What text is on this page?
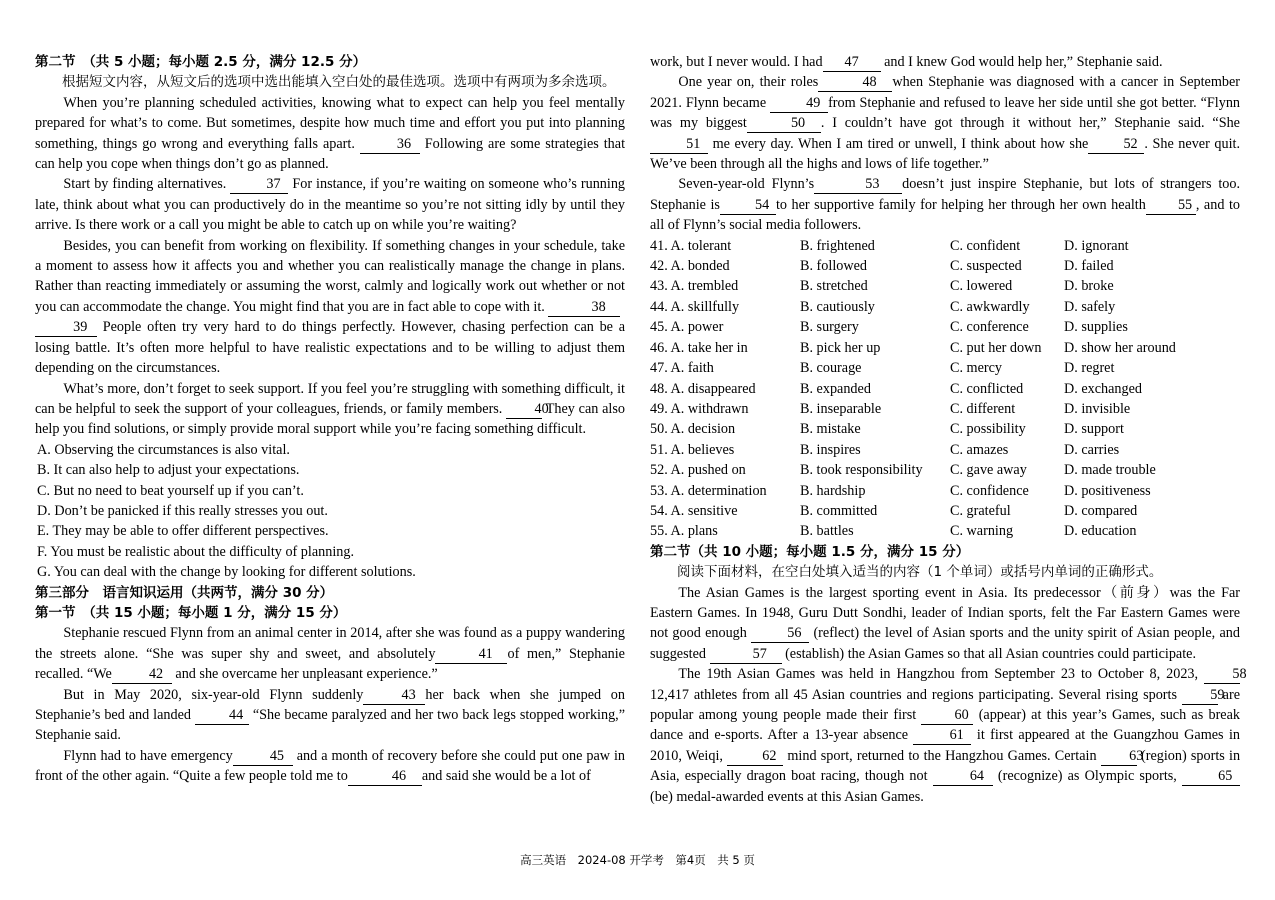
第二节　（共 5 小题；每小题 2.5 分，满分 12.5 分）

根据短文内容，从短文后的选项中选出能填入空白处的最佳选项。选项中有两项为多余选项。

When you’re planning scheduled activities, knowing what to expect can help you feel mentally prepared for what’s to come. But sometimes, despite how much time and effort you put into planning something, things go wrong and everything falls apart.	36 Following are some strategies that can help you cope when things don’t go as planned.

Start by finding alternatives.	37 For instance, if you’re waiting on someone who’s running late, think about what you can productively do in the meantime so you’re not sitting idly by until they arrive. Is there work or a call you might be able to catch up on while you’re waiting?

Besides, you can benefit from working on flexibility. If something changes in your schedule, take a moment to assess how it affects you and whether you can realistically manage the change in plans. Rather than reacting immediately or assuming the worst, calmly and logically work out whether or not you can accommodate the change. You might find that you are in fact able to cope with it.	38

39 People often try very hard to do things perfectly. However, chasing perfection can be a losing battle. It’s often more helpful to have realistic expectations and to be willing to adjust them depending on the circumstances.

What’s more, don’t forget to seek support. If you feel you’re struggling with something difficult, it can be helpful to seek the support of your colleagues, friends, or family members. 40 They can also help you find solutions, or simply provide moral support while you’re facing something difficult.

A. Observing the circumstances is also vital.

B. It can also help to adjust your expectations.

C. But no need to beat yourself up if you can’t.

D. Don’t be panicked if this really stresses you out.

E. They may be able to offer different perspectives.

F. You must be realistic about the difficulty of planning.

G. You can deal with the change by looking for different solutions.

第三部分　语言知识运用（共两节，满分 30 分）

第一节　（共 15 小题；每小题 1 分，满分 15 分）

Stephanie rescued Flynn from an animal center in 2014, after she was found as a puppy wandering the streets alone. “She was super shy and sweet, and absolutely	41 of men,” Stephanie recalled. “We	42 and she overcame her unpleasant experience.”

But in May 2020, six-year-old Flynn suddenly	43 her back when she jumped on Stephanie’s bed and landed	44 “She became paralyzed and her two back legs stopped working,” Stephanie said.

Flynn had to have emergency	45 and a month of recovery before she could put one paw in front of the other again. “Quite a few people told me to	46 and said she would be a lot of

work, but I never would. I had 47 and I knew God would help her,” Stephanie said.

One year on, their roles	48 when Stephanie was diagnosed with a cancer in September 2021. Flynn became	49 from Stephanie and refused to leave her side until she got better. “Flynn was my biggest	50 . I couldn’t have got through it without her,” Stephanie said. “She51 me every day. When I am tired or unwell, I think about how she 52 . She never quit. We’ve been through all the highs and lows of life together.”

Seven-year-old Flynn’s	53 doesn’t just inspire Stephanie, but lots of strangers too. Stephanie is 54 to her supportive family for helping her through her own health 55 , and to all of Flynn’s social media followers.

41. A. tolerant	B. frightened	C. confident	D. ignorant
42. A. bonded	B. followed	C. suspected	D. failed
43. A. trembled	B. stretched	C. lowered	D. broke
44. A. skillfully	B. cautiously	C. awkwardly	D. safely
45. A. power	B. surgery	C. conference	D. supplies
46. A. take her in	B. pick her up	C. put her down	D. show her around
47. A. faith	B. courage	C. mercy	D. regret
48. A. disappeared	B. expanded	C. conflicted	D. exchanged
49. A. withdrawn	B. inseparable	C. different	D. invisible
50. A. decision	B. mistake	C. possibility	D. support
51. A. believes	B. inspires	C. amazes	D. carries
52. A. pushed on	B. took responsibility	C. gave away	D. made trouble
53. A. determination	B. hardship	C. confidence	D. positiveness
54. A. sensitive	B. committed	C. grateful	D. compared
55. A. plans	B. battles	C. warning	D. education

第二节（共 10 小题；每小题 1.5 分，满分 15 分）

阅读下面材料，在空白处填入适当的内容（1 个单词）或括号内单词的正确形式。

The Asian Games is the largest sporting event in Asia. Its predecessor（前身）was the Far Eastern Games. In 1948, Guru Dutt Sondhi, leader of Indian sports, felt the Far Eastern Games were not good enough	56 (reflect) the level of Asian sports and the unity spirit of Asian people, and suggested	57 (establish) the Asian Games so that all Asian countries could participate.

The 19th Asian Games was held in Hangzhou from September 23 to October 8, 2023, 58 12,417 athletes from all 45 Asian countries and regions participating. Several rising sports 59 are popular among young people made their first	60 (appear) at this year’s Games, such as break dance and e-sports. After a 13-year absence	61 it first appeared at the Guangzhou Games in 2010, Weiqi,	62 mind sport, returned to the Hangzhou Games. Certain 63 (region) sports in Asia, especially dragon boat racing, though not	64 (recognize) as Olympic sports,	65 (be) medal-awarded events at this Asian Games.

高三英语　2024-08 开学考　第4页　共 5 页
